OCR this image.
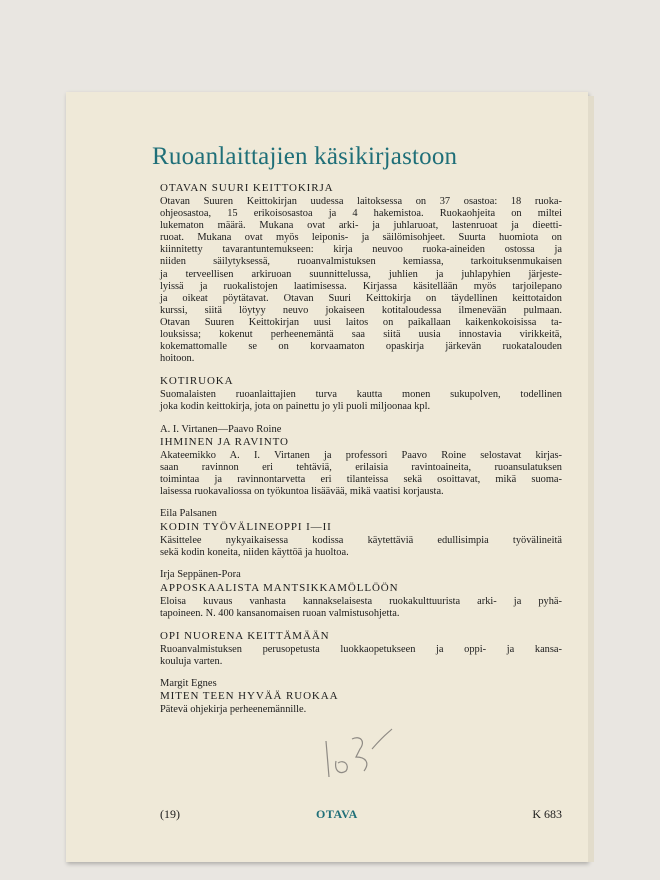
Ruoanlaittajien käsikirjastoon
OTAVAN SUURI KEITTOKIRJA
Otavan Suuren Keittokirjan uudessa laitoksessa on 37 osastoa: 18 ruoka-
ohjeosastoa, 15 erikoisosastoa ja 4 hakemistoa. Ruokaohjeita on miltei
lukematon määrä. Mukana ovat arki- ja juhlaruoat, lastenruoat ja dieetti-
ruoat. Mukana ovat myös leiponis- ja säilömisohjeet. Suurta huomiota on
kiinnitetty tavarantuntemukseen: kirja neuvoo ruoka-aineiden ostossa ja
niiden säilytyksessä, ruoanvalmistuksen kemiassa, tarkoituksenmukaisen
ja terveellisen arkiruoan suunnittelussa, juhlien ja juhlapyhien järjeste-
lyissä ja ruokalistojen laatimisessa. Kirjassa käsitellään myös tarjoilepano
ja oikeat pöytätavat. Otavan Suuri Keittokirja on täydellinen keittotaidon
kurssi, siitä löytyy neuvo jokaiseen kotitaloudessa ilmenevään pulmaan.
Otavan Suuren Keittokirjan uusi laitos on paikallaan kaikenkokoisissa ta-
louksissa; kokenut perheenemäntä saa siitä uusia innostavia virikkeitä,
kokemattomalle se on korvaamaton opaskirja järkevän ruokatalouden
hoitoon.
KOTIRUOKA
Suomalaisten ruoanlaittajien turva kautta monen sukupolven, todellinen
joka kodin keittokirja, jota on painettu jo yli puoli miljoonaa kpl.
A. I. Virtanen—Paavo Roine
IHMINEN JA RAVINTO
Akateemikko A. I. Virtanen ja professori Paavo Roine selostavat kirjas-
saan ravinnon eri tehtäviä, erilaisia ravintoaineita, ruoansulatuksen
toimintaa ja ravinnontarvetta eri tilanteissa sekä osoittavat, mikä suoma-
laisessa ruokavaliossa on työkuntoa lisäävää, mikä vaatisi korjausta.
Eila Palsanen
KODIN TYÖVÄLINEOPPI I—II
Käsittelee nykyaikaisessa kodissa käytettäviä edullisimpia työvälineitä
sekä kodin koneita, niiden käyttöä ja huoltoa.
Irja Seppänen-Pora
APPOSKAALISTA MANTSIKKAMÖLLÖÖN
Eloisa kuvaus vanhasta kannakselaisesta ruokakulttuurista arki- ja pyhä-
tapoineen. N. 400 kansanomaisen ruoan valmistusohjetta.
OPI NUORENA KEITTÄMÄÄN
Ruoanvalmistuksen perusopetusta luokkaopetukseen ja oppi- ja kansa-
kouluja varten.
Margit Egnes
MITEN TEEN HYVÄÄ RUOKAA
Pätevä ohjekirja perheenemännille.
(19)	OTAVA	K 683
